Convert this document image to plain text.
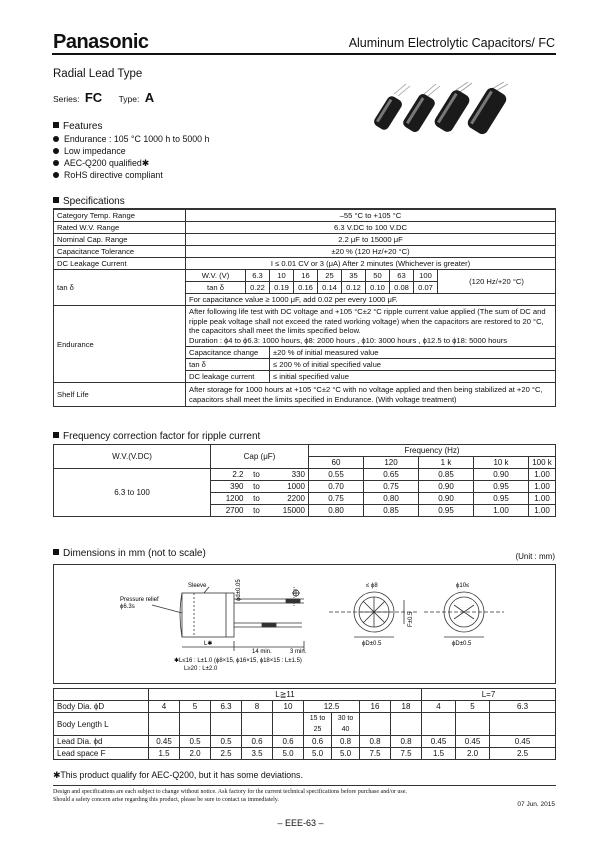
Panasonic	Aluminum Electrolytic Capacitors/ FC
Radial Lead Type
Series: FC Type: A
Features
Endurance : 105 °C 1000 h to 5000 h
Low impedance
AEC-Q200 qualified✱
RoHS directive compliant
Specifications
Category Temp. Range	–55 °C to +105 °C									
Rated W.V. Range	6.3 V.DC to 100 V.DC									
Nominal Cap. Range	2.2 μF to 15000 μF									
Capacitance Tolerance	±20 % (120 Hz/+20 °C)									
DC Leakage Current	I ≤ 0.01 CV or 3 (μA) After 2 minutes (Whichever is greater)									
tan δ	W.V. (V)	6.3	10	16	25	35	50	63	100	(120 Hz/+20 °C)
	tan δ	0.22	0.19	0.16	0.14	0.12	0.10	0.08	0.07	
	For capacitance value ≥ 1000 μF, add 0.02 per every 1000 μF.									
Endurance	After following life test with DC voltage and +105 °C±2 °C ripple current value applied (The sum of DC and ripple peak voltage shall not exceed the rated working voltage) when the capacitors are restored to 20 °C, the capacitors shall meet the limits specified below.
Duration : ϕ4 to ϕ6.3: 1000 hours, ϕ8: 2000 hours , ϕ10: 3000 hours , ϕ12.5 to ϕ18: 5000 hours									
	Capacitance change		±20 % of initial measured value							
	tan δ		≤ 200 % of initial specified value							
	DC leakage current		≤ initial specified value							
Shelf Life	After storage for 1000 hours at +105 °C±2 °C with no voltage applied and then being stabilized at +20 °C, capacitors shall meet the limits specified in Endurance. (With voltage treatment)									
Frequency correction factor for ripple current
W.V.(V.DC)	Cap (μF)			Frequency (Hz)				
				60	120	1 k	10 k	100 k
6.3 to 100	2.2	to	330	0.55	0.65	0.85	0.90	1.00
	390	to	1000	0.70	0.75	0.90	0.95	1.00
	1200	to	2200	0.75	0.80	0.90	0.95	1.00
	2700	to	15000	0.80	0.85	0.95	1.00	1.00
Dimensions in mm (not to scale)	(Unit : mm)
Sleeve
Pressure relief
ϕ6.3s
ϕd±0.05
L✱
14 min.	3 min.
✱L≤16 : L±1.0 (ϕ8×15, ϕ16×15, ϕ18×15 : L±1.5)
L≥20 : L±2.0
≤ ϕ8	ϕ10≤
ϕD±0.5	ϕD±0.5
F±0.5
	L≧11									L=7		
Body Dia. ϕD	4	5	6.3	8	10	12.5		16	18	4	5	6.3
Body Length L						15 to 25	30 to 40					
Lead Dia. ϕd	0.45	0.5	0.5	0.6	0.6	0.6	0.8	0.8	0.8	0.45	0.45	0.45
Lead space F	1.5	2.0	2.5	3.5	5.0	5.0	5.0	7.5	7.5	1.5	2.0	2.5
✱This product qualify for AEC-Q200, but it has some deviations.
Design and specifications are each subject to change without notice. Ask factory for the current technical specifications before purchase and/or use.
Should a safety concern arise regarding this product, please be sure to contact us immediately.
07 Jun. 2015
– EEE-63 –
